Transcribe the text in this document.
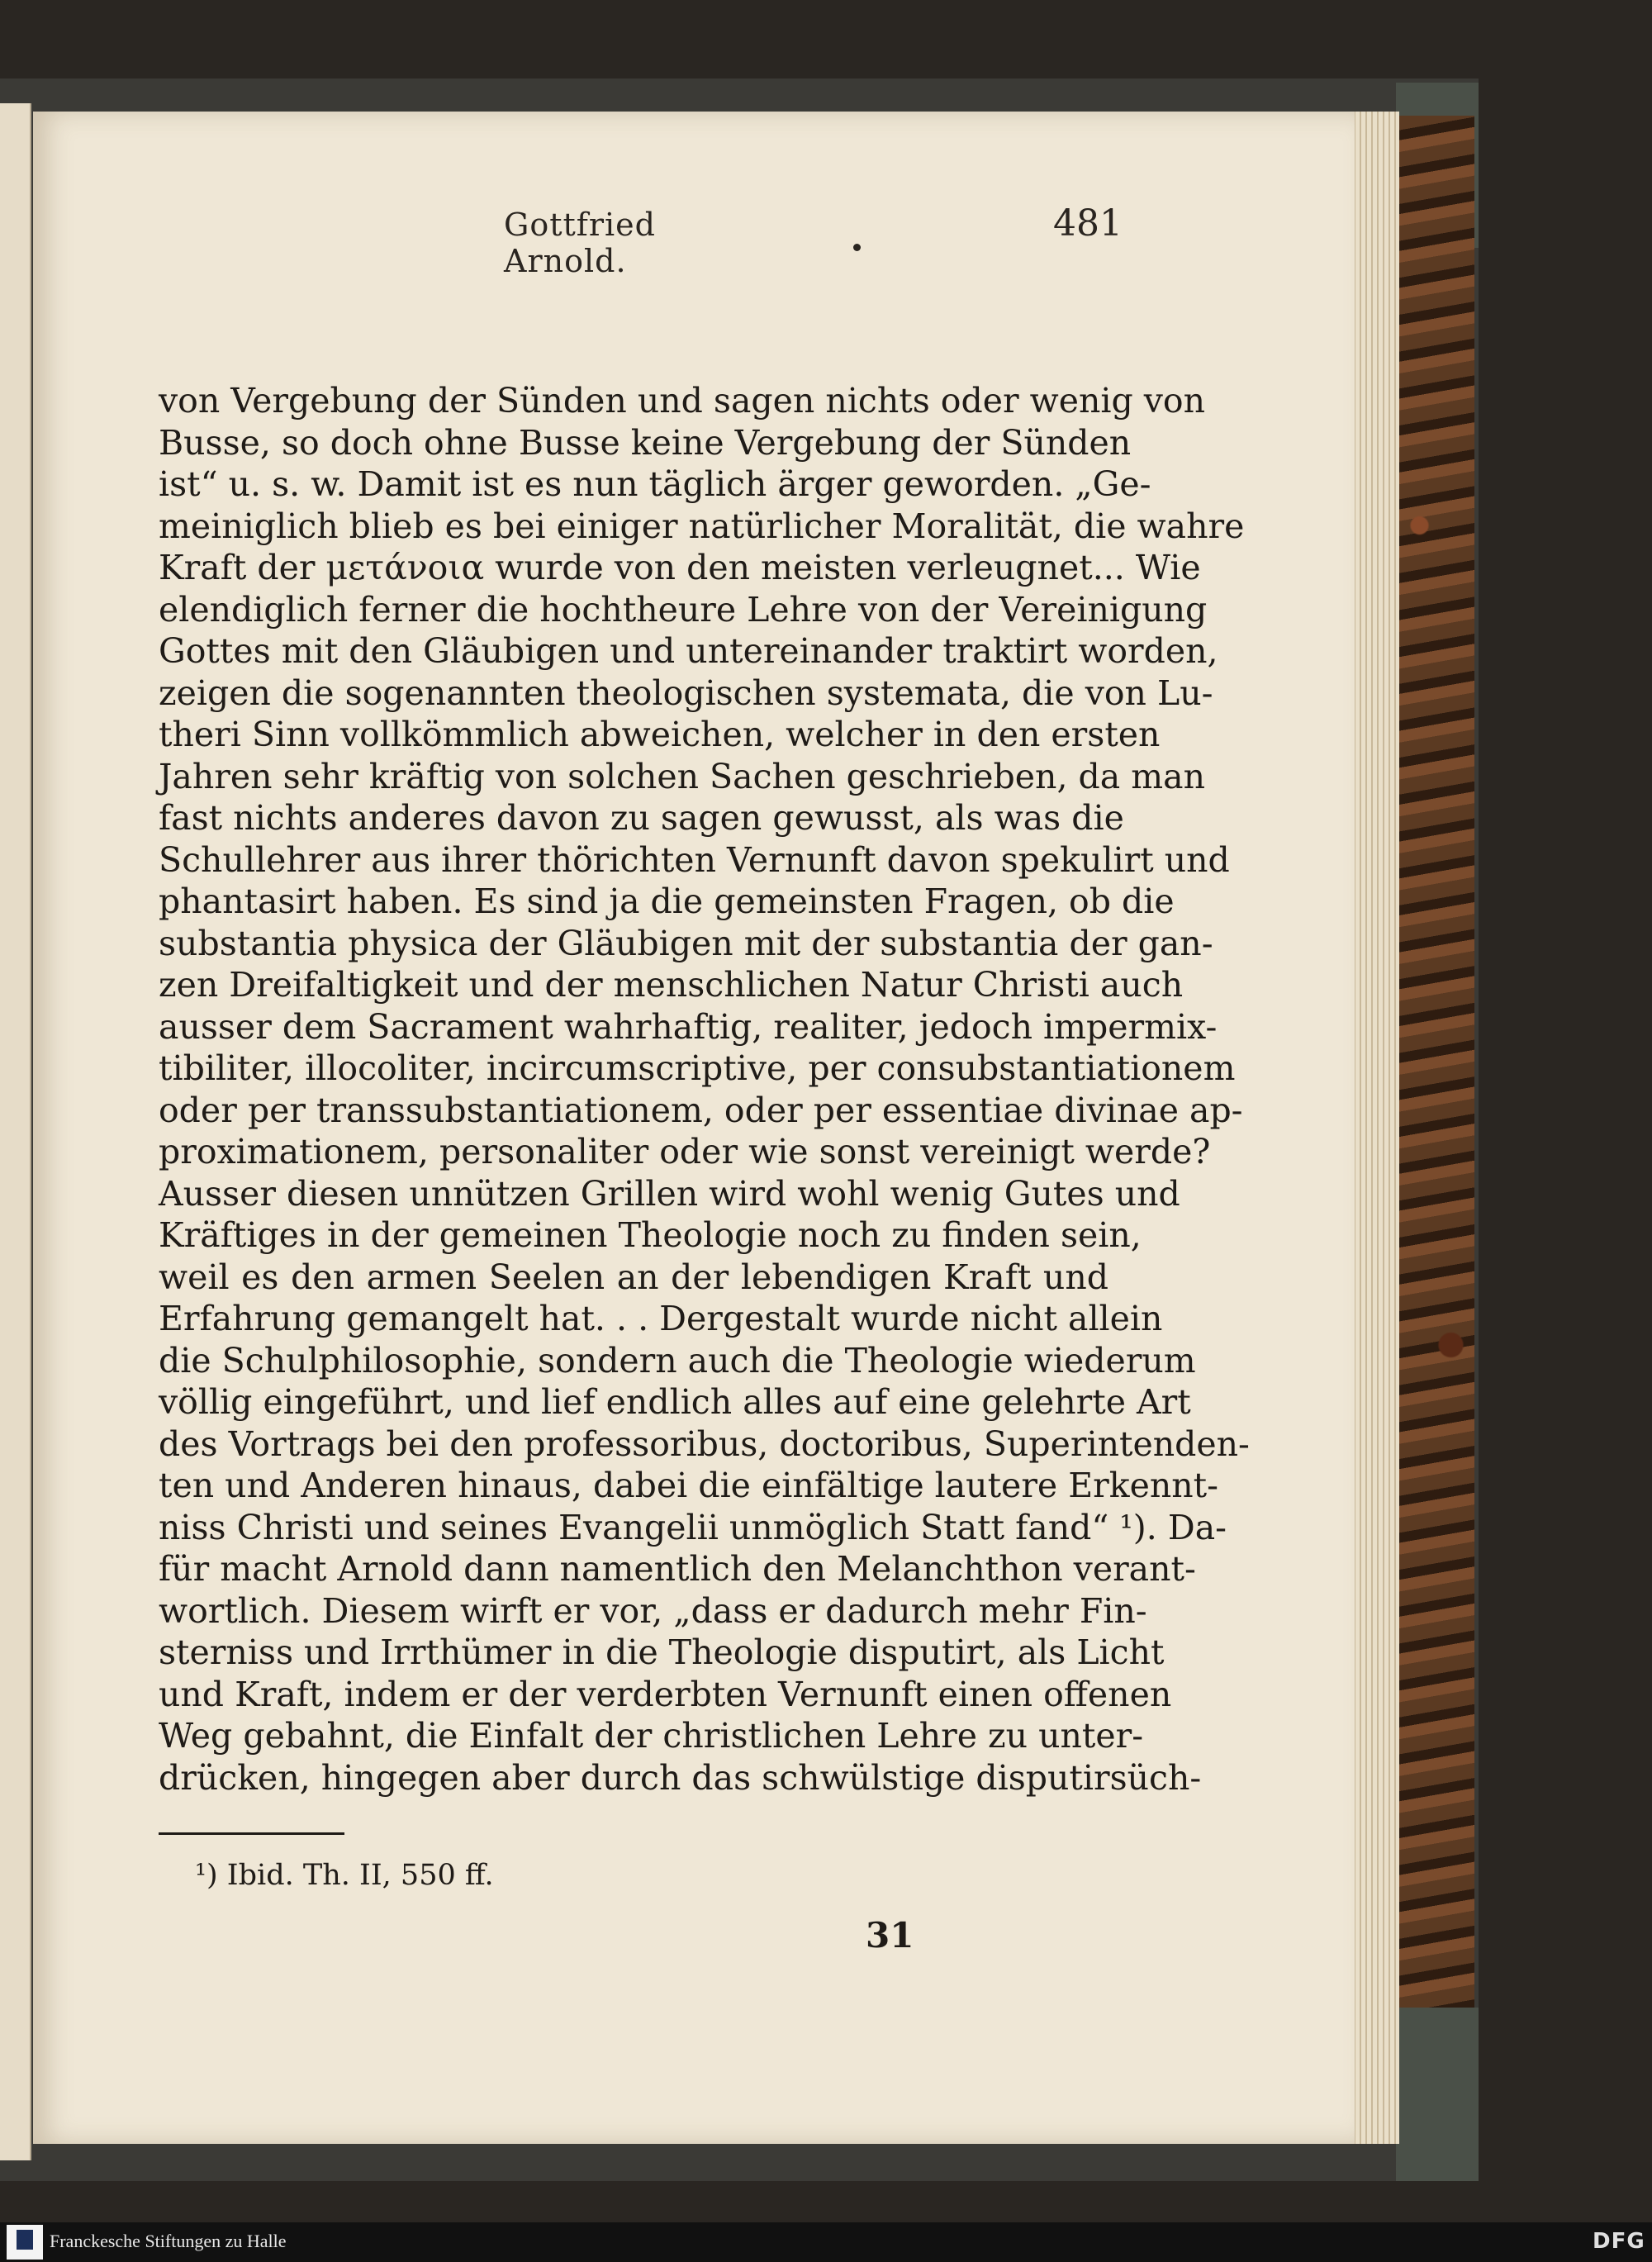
Gottfried Arnold.
481
von Vergebung der Sünden und sagen nichts oder wenig von
Busse, so doch ohne Busse keine Vergebung der Sünden
ist“ u. s. w. Damit ist es nun täglich ärger geworden. „Ge-
meiniglich blieb es bei einiger natürlicher Moralität, die wahre
Kraft der μετάνοια wurde von den meisten verleugnet... Wie
elendiglich ferner die hochtheure Lehre von der Vereinigung
Gottes mit den Gläubigen und untereinander traktirt worden,
zeigen die sogenannten theologischen systemata, die von Lu-
theri Sinn vollkömmlich abweichen, welcher in den ersten
Jahren sehr kräftig von solchen Sachen geschrieben, da man
fast nichts anderes davon zu sagen gewusst, als was die
Schullehrer aus ihrer thörichten Vernunft davon spekulirt und
phantasirt haben. Es sind ja die gemeinsten Fragen, ob die
substantia physica der Gläubigen mit der substantia der gan-
zen Dreifaltigkeit und der menschlichen Natur Christi auch
ausser dem Sacrament wahrhaftig, realiter, jedoch impermix-
tibiliter, illocoliter, incircumscriptive, per consubstantiationem
oder per transsubstantiationem, oder per essentiae divinae ap-
proximationem, personaliter oder wie sonst vereinigt werde?
Ausser diesen unnützen Grillen wird wohl wenig Gutes und
Kräftiges in der gemeinen Theologie noch zu finden sein,
weil es den armen Seelen an der lebendigen Kraft und
Erfahrung gemangelt hat. . . Dergestalt wurde nicht allein
die Schulphilosophie, sondern auch die Theologie wiederum
völlig eingeführt, und lief endlich alles auf eine gelehrte Art
des Vortrags bei den professoribus, doctoribus, Superintenden-
ten und Anderen hinaus, dabei die einfältige lautere Erkennt-
niss Christi und seines Evangelii unmöglich Statt fand“ ¹). Da-
für macht Arnold dann namentlich den Melanchthon verant-
wortlich. Diesem wirft er vor, „dass er dadurch mehr Fin-
sterniss und Irrthümer in die Theologie disputirt, als Licht
und Kraft, indem er der verderbten Vernunft einen offenen
Weg gebahnt, die Einfalt der christlichen Lehre zu unter-
drücken, hingegen aber durch das schwülstige disputirsüch-
¹) Ibid. Th. II, 550 ff.
31
Franckesche Stiftungen zu Halle	DFG
